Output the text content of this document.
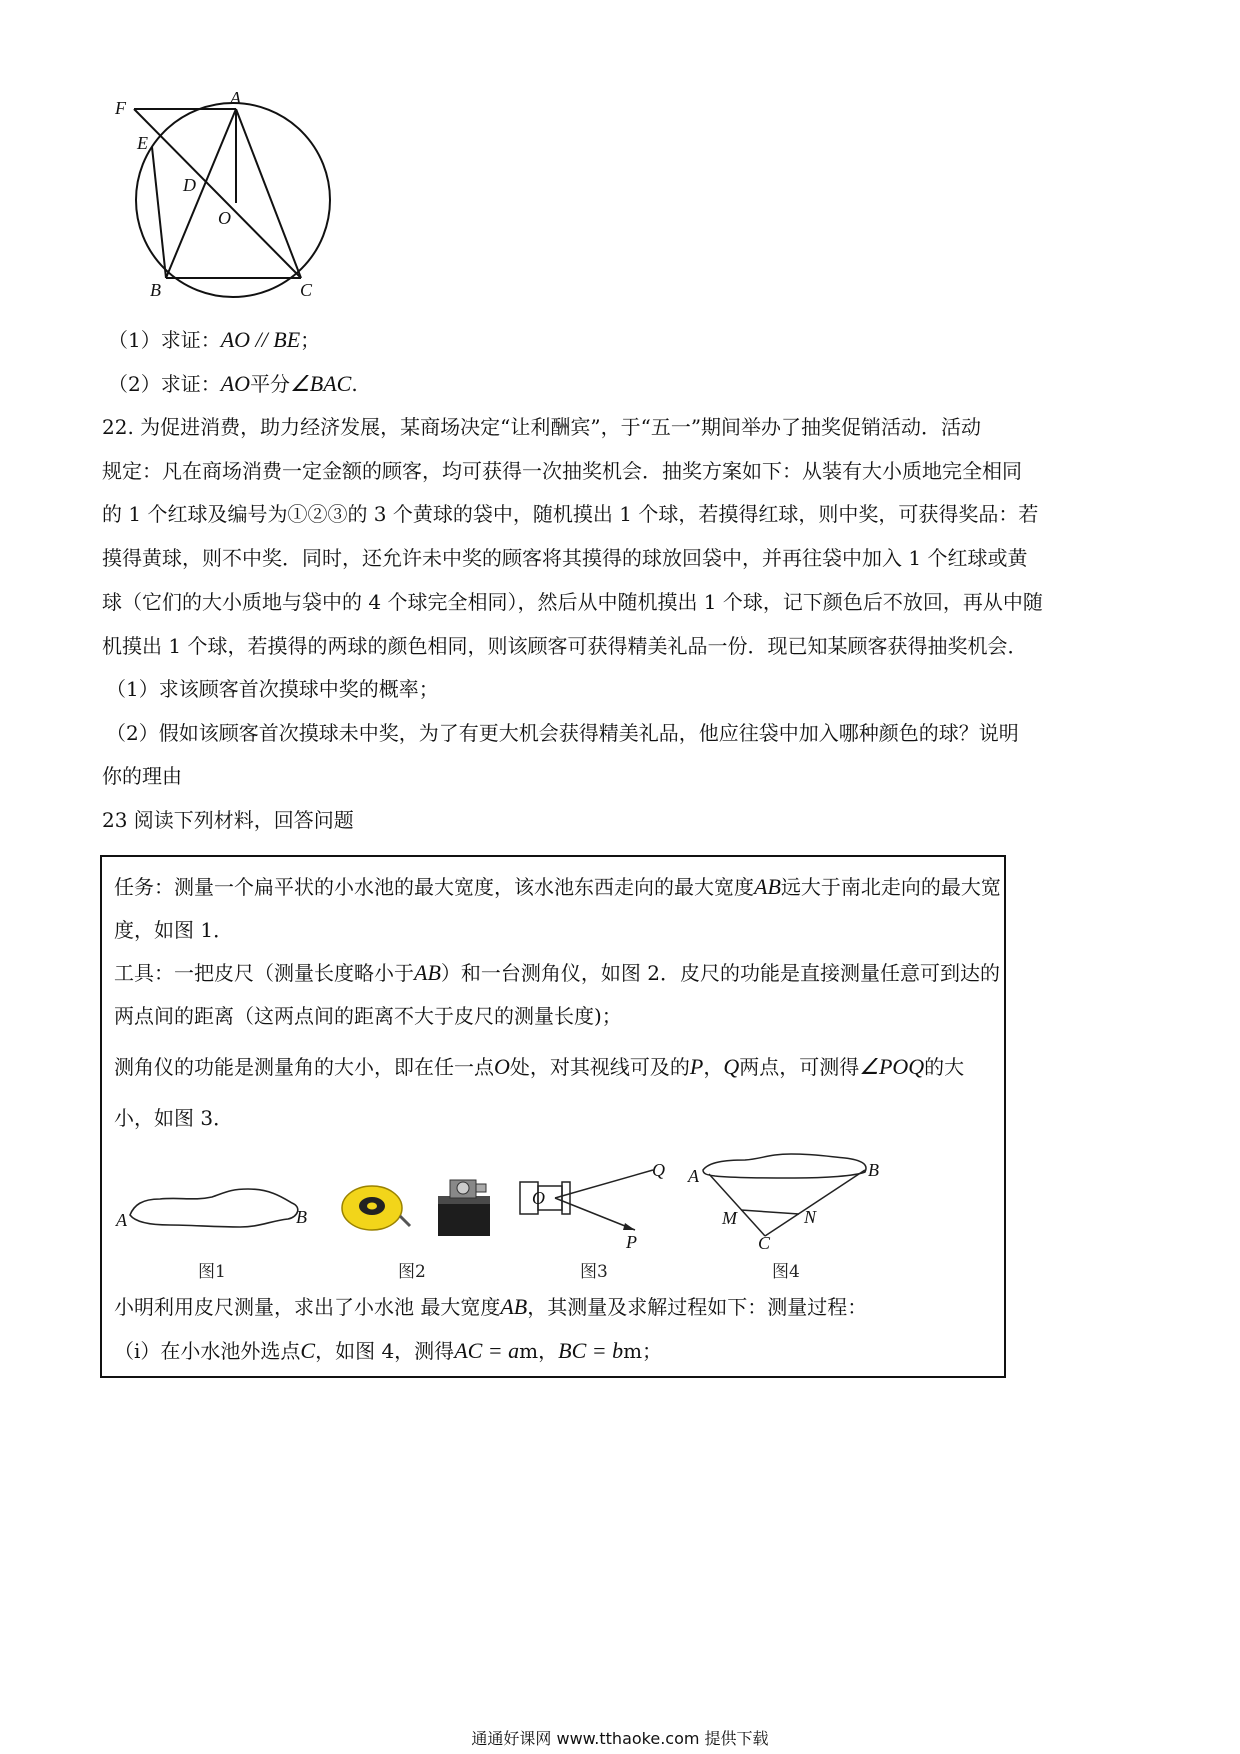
F	A
E
D
O
B	C
（1）求证：AO // BE；
（2）求证：AO平分∠BAC.
22. 为促进消费，助力经济发展，某商场决定“让利酬宾”，于“五一”期间举办了抽奖促销活动．活动
规定：凡在商场消费一定金额的顾客，均可获得一次抽奖机会．抽奖方案如下：从装有大小质地完全相同
的 1 个红球及编号为①②③的 3 个黄球的袋中，随机摸出 1 个球，若摸得红球，则中奖，可获得奖品：若
摸得黄球，则不中奖．同时，还允许未中奖的顾客将其摸得的球放回袋中，并再往袋中加入 1 个红球或黄
球（它们的大小质地与袋中的 4 个球完全相同），然后从中随机摸出 1 个球，记下颜色后不放回，再从中随
机摸出 1 个球，若摸得的两球的颜色相同，则该顾客可获得精美礼品一份．现已知某顾客获得抽奖机会．
（1）求该顾客首次摸球中奖的概率；
（2）假如该顾客首次摸球未中奖，为了有更大机会获得精美礼品，他应往袋中加入哪种颜色的球？说明
你的理由
23 阅读下列材料，回答问题
任务：测量一个扁平状的小水池的最大宽度，该水池东西走向的最大宽度AB远大于南北走向的最大宽
度，如图 1．
工具：一把皮尺（测量长度略小于AB）和一台测角仪，如图 2．皮尺的功能是直接测量任意可到达的
两点间的距离（这两点间的距离不大于皮尺的测量长度)；
测角仪的功能是测量角的大小，即在任一点O处，对其视线可及的P，Q两点，可测得∠POQ的大
小，如图 3．
A	B
O
Q
P
A	B
M	N
C
图1	图2	图3	图4
小明利用皮尺测量，求出了小水池 最大宽度AB，其测量及求解过程如下：测量过程：
（ⅰ）在小水池外选点C，如图 4，测得AC = am，BC = bm；
通通好课网 www.tthaoke.com 提供下载
